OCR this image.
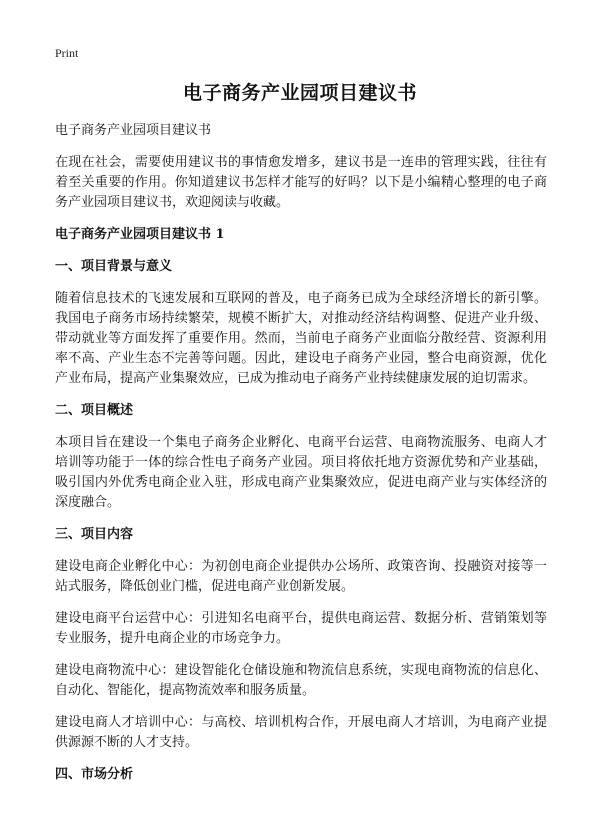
Print
电子商务产业园项目建议书

电子商务产业园项目建议书

在现在社会，需要使用建议书的事情愈发增多，建议书是一连串的管理实践，往往有着至关重要的作用。你知道建议书怎样才能写的好吗？以下是小编精心整理的电子商务产业园项目建议书，欢迎阅读与收藏。

电子商务产业园项目建议书 1

一、项目背景与意义

随着信息技术的飞速发展和互联网的普及，电子商务已成为全球经济增长的新引擎。我国电子商务市场持续繁荣，规模不断扩大，对推动经济结构调整、促进产业升级、带动就业等方面发挥了重要作用。然而，当前电子商务产业面临分散经营、资源利用率不高、产业生态不完善等问题。因此，建设电子商务产业园，整合电商资源，优化产业布局，提高产业集聚效应，已成为推动电子商务产业持续健康发展的迫切需求。

二、项目概述

本项目旨在建设一个集电子商务企业孵化、电商平台运营、电商物流服务、电商人才培训等功能于一体的综合性电子商务产业园。项目将依托地方资源优势和产业基础，吸引国内外优秀电商企业入驻，形成电商产业集聚效应，促进电商产业与实体经济的深度融合。

三、项目内容

建设电商企业孵化中心：为初创电商企业提供办公场所、政策咨询、投融资对接等一站式服务，降低创业门槛，促进电商产业创新发展。

建设电商平台运营中心：引进知名电商平台，提供电商运营、数据分析、营销策划等专业服务，提升电商企业的市场竞争力。

建设电商物流中心：建设智能化仓储设施和物流信息系统，实现电商物流的信息化、自动化、智能化，提高物流效率和服务质量。

建设电商人才培训中心：与高校、培训机构合作，开展电商人才培训，为电商产业提供源源不断的人才支持。

四、市场分析
